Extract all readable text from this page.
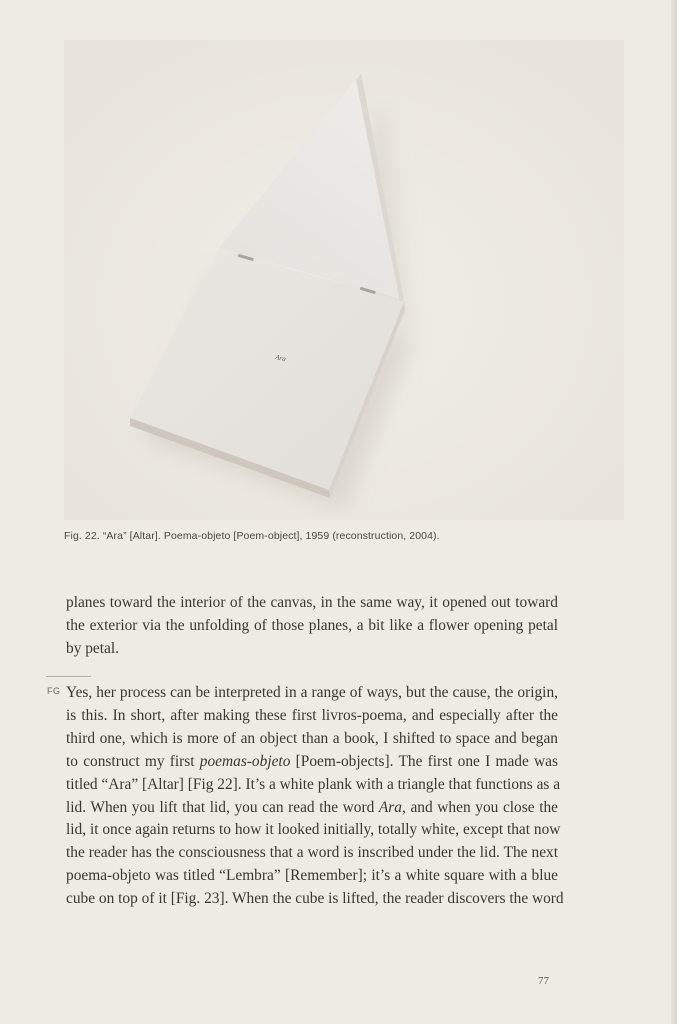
Ara
Fig. 22. “Ara” [Altar]. Poema-objeto [Poem-object], 1959 (reconstruction, 2004).
planes toward the interior of the canvas, in the same way, it opened out toward
the exterior via the unfolding of those planes, a bit like a flower opening petal
by petal.
FG Yes, her process can be interpreted in a range of ways, but the cause, the origin,
is this. In short, after making these first livros-poema, and especially after the
third one, which is more of an object than a book, I shifted to space and began
to construct my first poemas-objeto [Poem-objects]. The first one I made was
titled “Ara” [Altar] [Fig 22]. It’s a white plank with a triangle that functions as a
lid. When you lift that lid, you can read the word Ara, and when you close the
lid, it once again returns to how it looked initially, totally white, except that now
the reader has the consciousness that a word is inscribed under the lid. The next
poema-objeto was titled “Lembra” [Remember]; it’s a white square with a blue
cube on top of it [Fig. 23]. When the cube is lifted, the reader discovers the word
77
